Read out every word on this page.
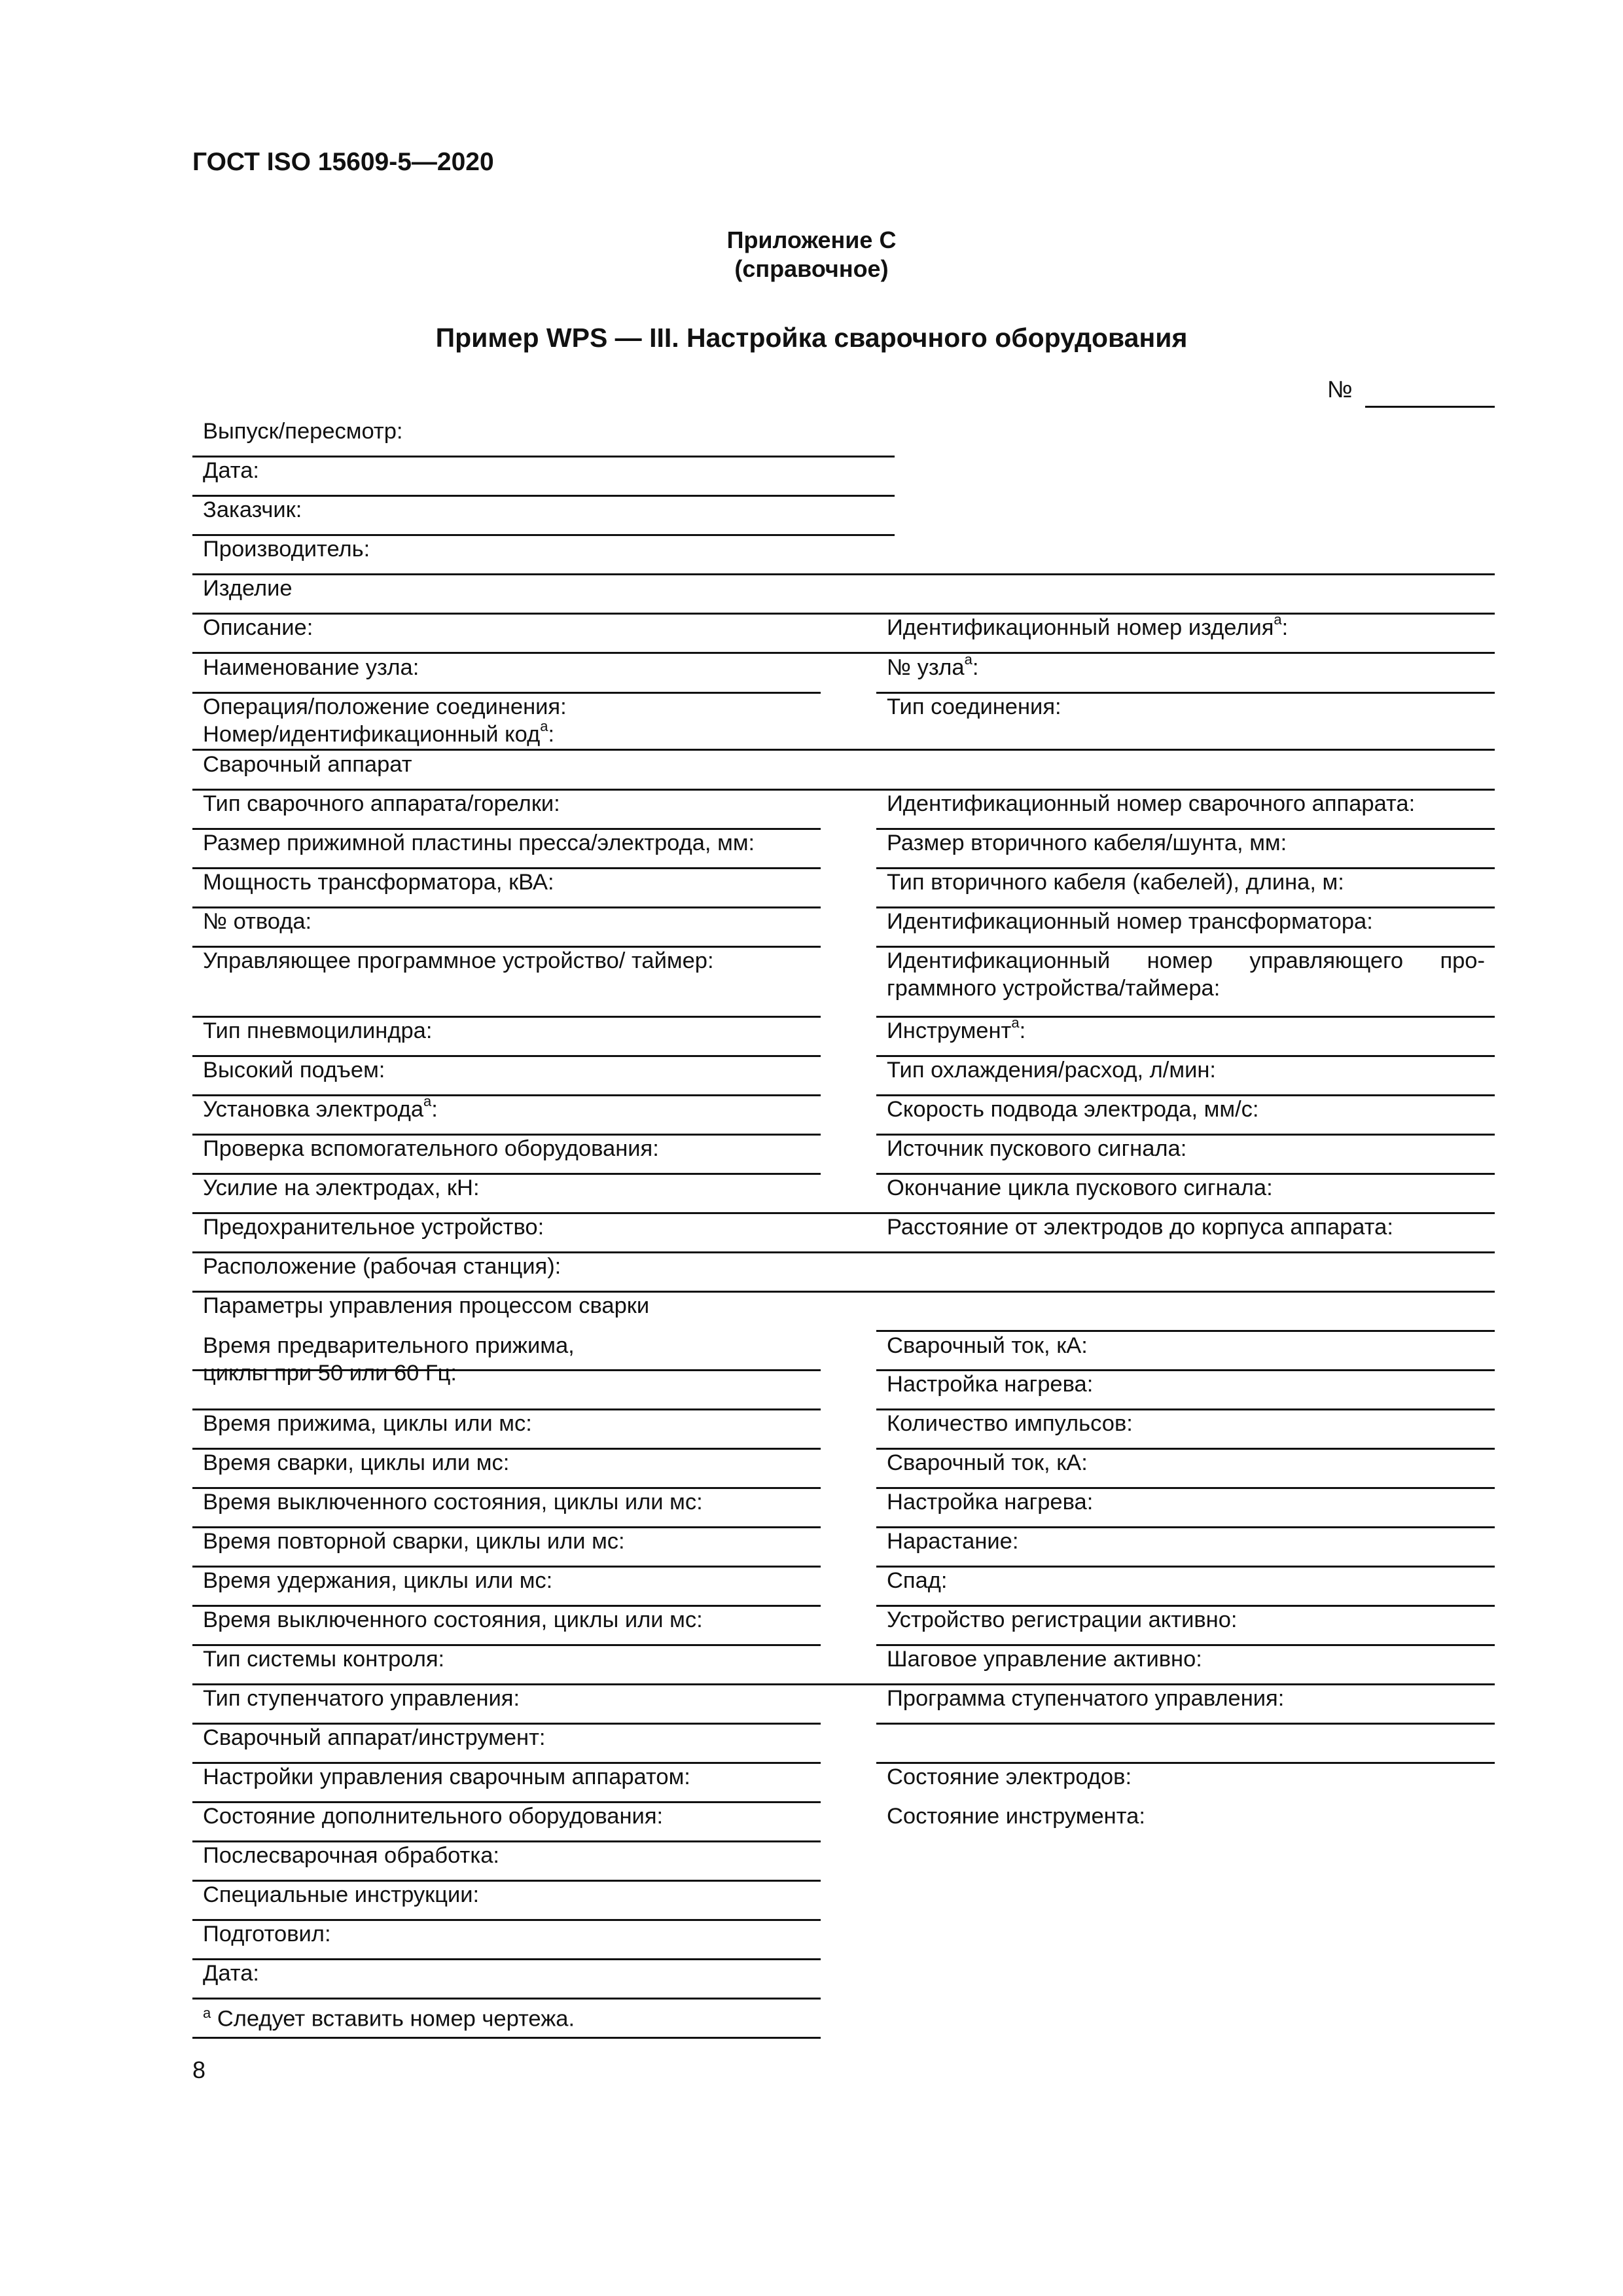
ГОСТ ISO 15609-5—2020
Приложение С
(справочное)
Пример WPS — III. Настройка сварочного оборудования
№
Выпуск/пересмотр:
Дата:
Заказчик:
Производитель:
Изделие
Описание:
Наименование узла:
Операция/положение соединения:
Номер/идентификационный код$^a$:
Сварочный аппарат
Тип сварочного аппарата/горелки:
Размер прижимной пластины пресса/электрода, мм:
Мощность трансформатора, кВА:
№ отвода:
Управляющее программное устройство/ таймер:
Тип пневмоцилиндра:
Высокий подъем:
Установка электрода$^a$:
Проверка вспомогательного оборудования:
Усилие на электродах, кН:
Предохранительное устройство:
Расположение (рабочая станция):
Параметры управления процессом сварки
Время предварительного прижима,
циклы при 50 или 60 Гц:
Время прижима, циклы или мс:
Время сварки, циклы или мс:
Время выключенного состояния, циклы или мс:
Время повторной сварки, циклы или мс:
Время удержания, циклы или мс:
Время выключенного состояния, циклы или мс:
Тип системы контроля:
Тип ступенчатого управления:
Сварочный аппарат/инструмент:
Настройки управления сварочным аппаратом:
Состояние дополнительного оборудования:
Послесварочная обработка:
Специальные инструкции:
Подготовил:
Дата:
Идентификационный номер изделия$^a$:
№ узла$^a$:
Тип соединения:
Идентификационный номер сварочного аппарата:
Размер вторичного кабеля/шунта, мм:
Тип вторичного кабеля (кабелей), длина, м:
Идентификационный номер трансформатора:
Идентификационный номер управляющего про-
граммного устройства/таймера:
Инструмент$^a$:
Тип охлаждения/расход, л/мин:
Скорость подвода электрода, мм/с:
Источник пускового сигнала:
Окончание цикла пускового сигнала:
Расстояние от электродов до корпуса аппарата:
Сварочный ток, кА:
Настройка нагрева:
Количество импульсов:
Сварочный ток, кА:
Настройка нагрева:
Нарастание:
Спад:
Устройство регистрации активно:
Шаговое управление активно:
Программа ступенчатого управления:
Состояние электродов:
Состояние инструмента:
$^a$ Следует вставить номер чертежа.
8
